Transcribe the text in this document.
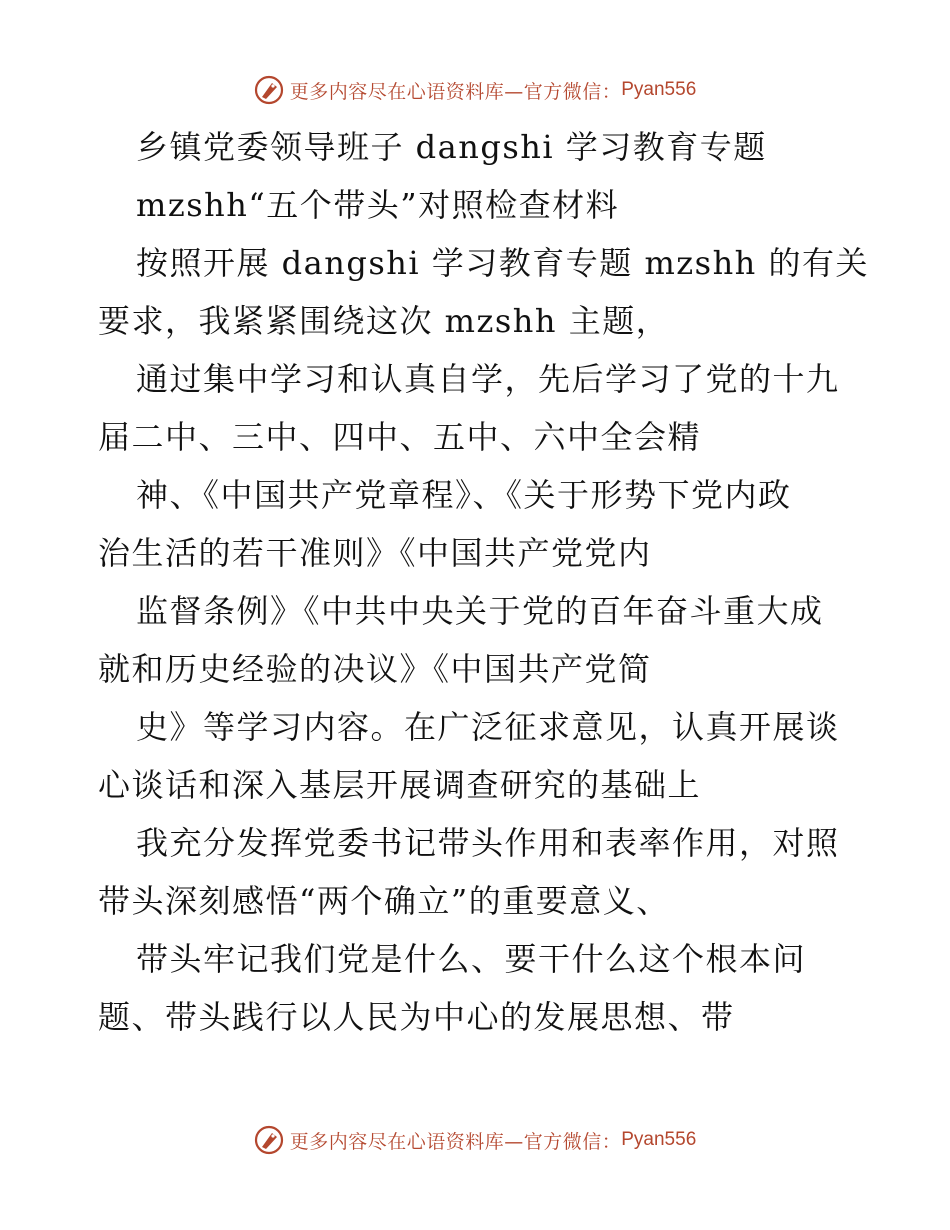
更多内容尽在心语资料库—官方微信： Pyan556
乡镇党委领导班子 dangshi 学习教育专题
mzshh“五个带头”对照检查材料
按照开展 dangshi 学习教育专题 mzshh 的有关
要求，我紧紧围绕这次 mzshh 主题，
通过集中学习和认真自学，先后学习了党的十九
届二中、三中、四中、五中、六中全会精
神、《中国共产党章程》、《关于形势下党内政
治生活的若干准则》《中国共产党党内
监督条例》《中共中央关于党的百年奋斗重大成
就和历史经验的决议》《中国共产党简
史》等学习内容。在广泛征求意见，认真开展谈
心谈话和深入基层开展调查研究的基础上
我充分发挥党委书记带头作用和表率作用，对照
带头深刻感悟“两个确立”的重要意义、
带头牢记我们党是什么、要干什么这个根本问
题、带头践行以人民为中心的发展思想、带
更多内容尽在心语资料库—官方微信： Pyan556
